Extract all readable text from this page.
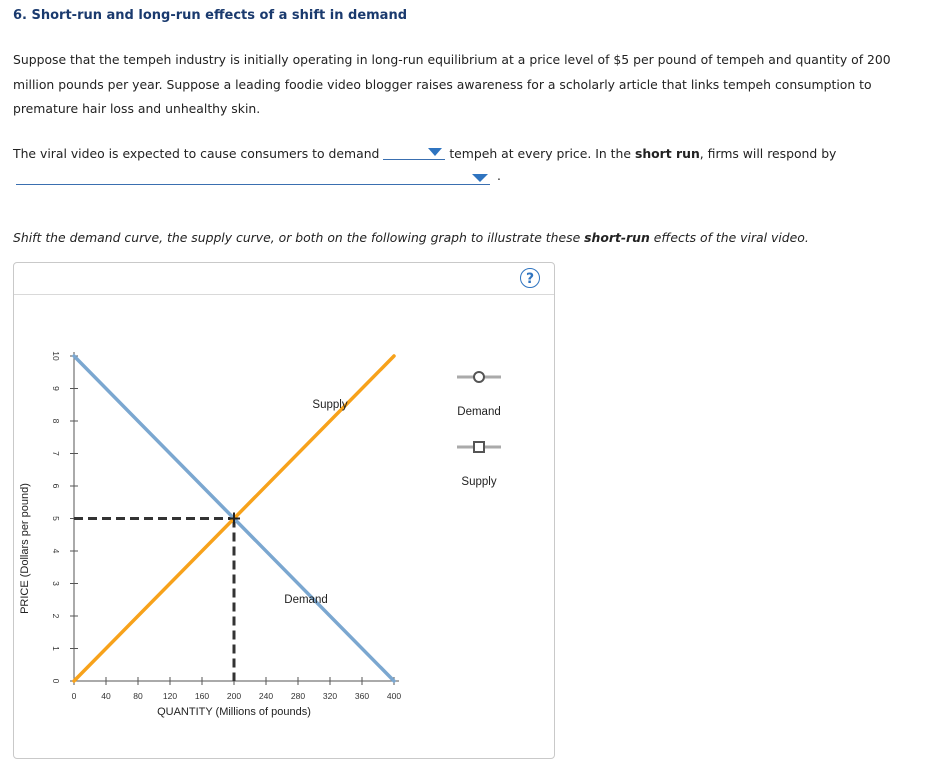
6. Short-run and long-run effects of a shift in demand
Suppose that the tempeh industry is initially operating in long-run equilibrium at a price level of $5 per pound of tempeh and quantity of 200 million pounds per year. Suppose a leading foodie video blogger raises awareness for a scholarly article that links tempeh consumption to premature hair loss and unhealthy skin.
The viral video is expected to cause consumers to demand	tempeh at every price. In the short run, firms will respond by
.
Shift the demand curve, the supply curve, or both on the following graph to illustrate these short-run effects of the viral video.
?
0	40	80 120 160 200 240 280 320 360 400
0
1
2
3
4
5
6
7
8
9
10
QUANTITY (Millions of pounds)
PRICE (Dollars per pound)	Demand
Supply
Demand
Supply
